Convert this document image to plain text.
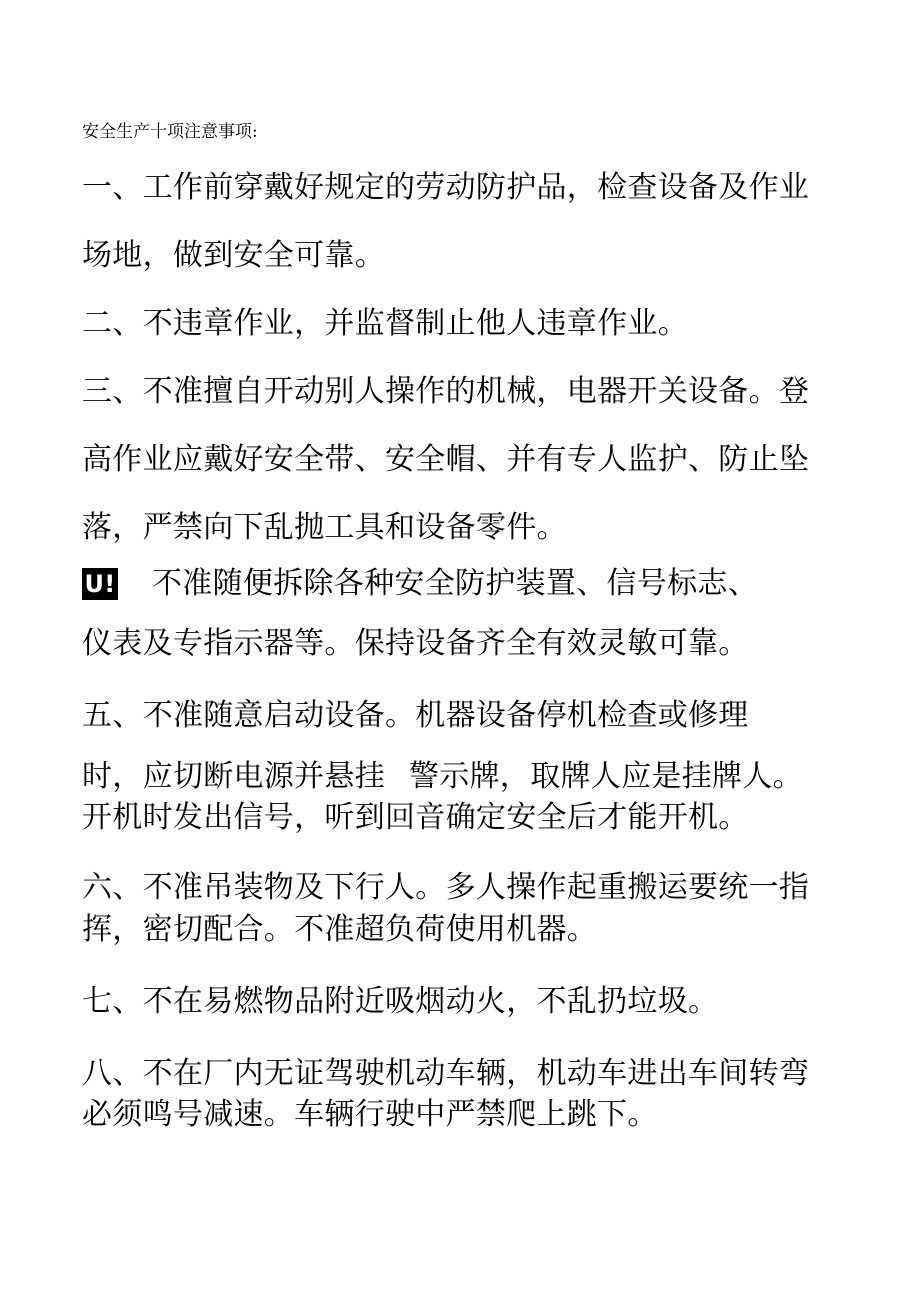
安全生产十项注意事项:
一、工作前穿戴好规定的劳动防护品，检查设备及作业
场地，做到安全可靠。
二、不违章作业，并监督制止他人违章作业。
三、不准擅自开动别人操作的机械，电器开关设备。登
高作业应戴好安全带、安全帽、并有专人监护、防止坠
落，严禁向下乱抛工具和设备零件。
U! 不准随便拆除各种安全防护装置、信号标志、
仪表及专指示器等。保持设备齐全有效灵敏可靠。
五、不准随意启动设备。机器设备停机检查或修理
时，应切断电源并悬挂 警示牌，取牌人应是挂牌人。
开机时发出信号，听到回音确定安全后才能开机。
六、不准吊装物及下行人。多人操作起重搬运要统一指
挥，密切配合。不准超负荷使用机器。
七、不在易燃物品附近吸烟动火，不乱扔垃圾。
八、不在厂内无证驾驶机动车辆，机动车进出车间转弯
必须鸣号减速。车辆行驶中严禁爬上跳下。
